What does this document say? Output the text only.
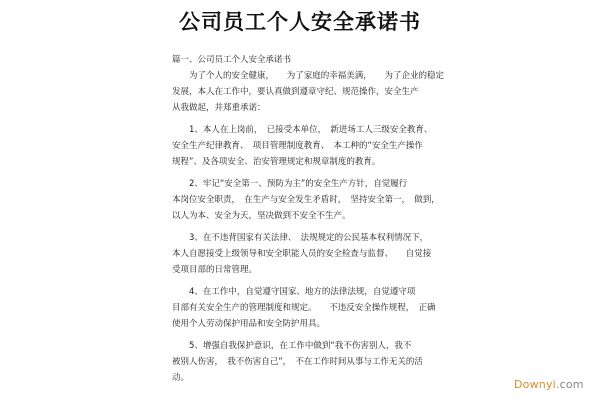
公司员工个人安全承诺书
篇一、公司员工个人安全承诺书
　　为了个人的安全健康，　　为了家庭的幸福美满，　　为了企业的稳定
发展，本人在工作中，要认真做到遵章守纪、规范操作，安全生产
从我做起，并郑重承诺：
　　1、本人在上岗前，　已接受本单位，　新进场工人三级安全教育、
安全生产纪律教育、　项目管理制度教育、　本工种的“安全生产操作
规程”、及各项安全、治安管理规定和规章制度的教育。
　　2、牢记“安全第一、预防为主”的安全生产方针，自觉履行
本岗位安全职责，　在生产与安全发生矛盾时，　坚持安全第一，　做到，
以人为本、安全为天，坚决做到不安全不生产。
　　3、在不违背国家有关法律、　法规规定的公民基本权利情况下，
本人自愿接受上级领导和安全职能人员的安全检查与监督、　　自觉接
受项目部的日常管理。
　　4、在工作中，自觉遵守国家、地方的法律法规，自觉遵守项
目部有关安全生产的管理制度和规定。　　不违反安全操作规程，　正确
使用个人劳动保护用品和安全防护用具。
　　5、增强自我保护意识，在工作中做到“我不伤害别人，我不
被别人伤害，　我不伤害自己”，　不在工作时间从事与工作无关的活
动。	Downyi.com
